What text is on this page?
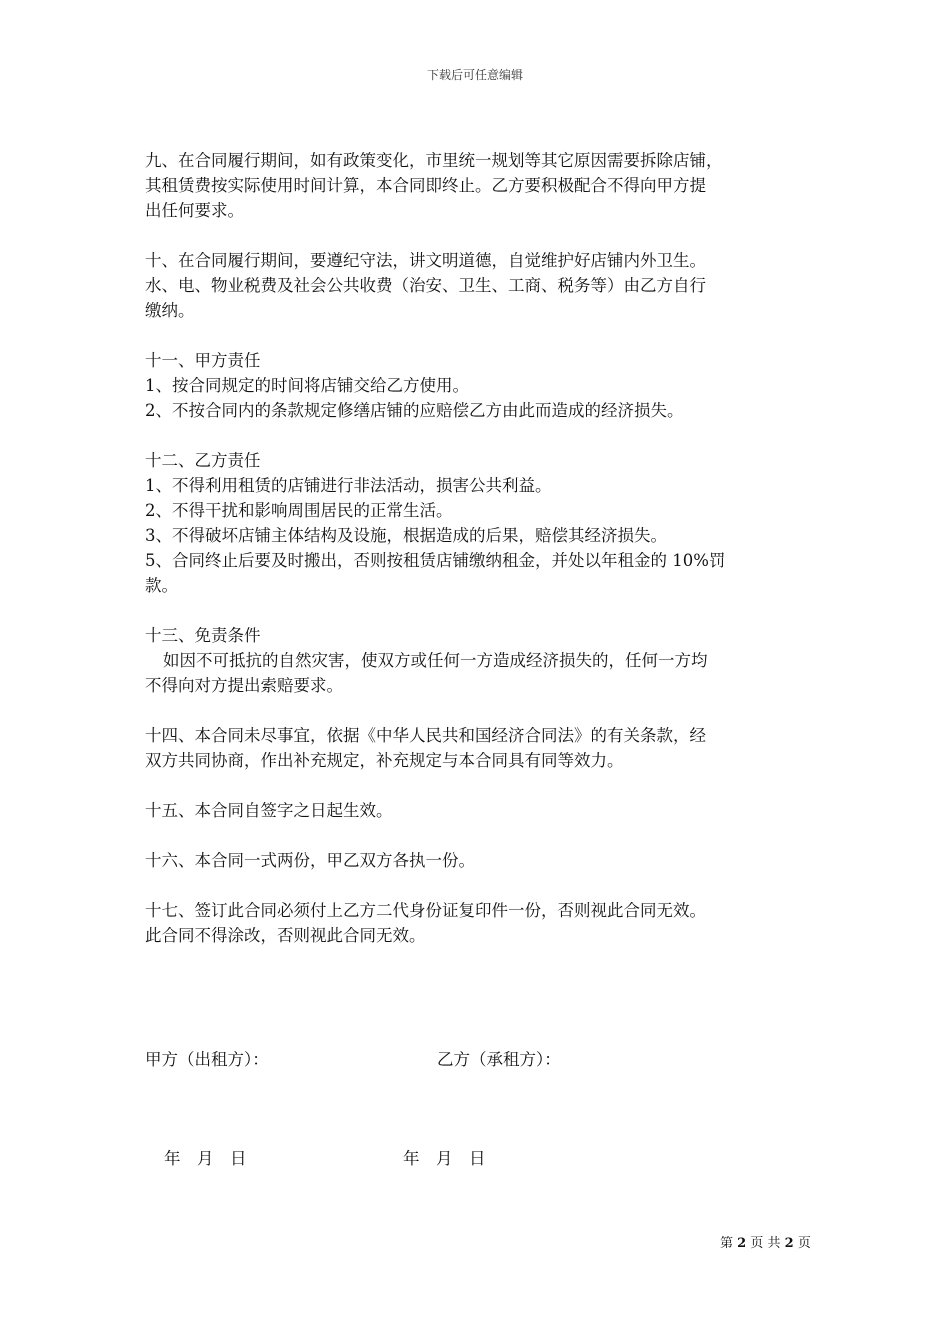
下载后可任意编辑
九、在合同履行期间，如有政策变化，市里统一规划等其它原因需要拆除店铺，
其租赁费按实际使用时间计算，本合同即终止。乙方要积极配合不得向甲方提
出任何要求。
十、在合同履行期间，要遵纪守法，讲文明道德，自觉维护好店铺内外卫生。
水、电、物业税费及社会公共收费（治安、卫生、工商、税务等）由乙方自行
缴纳。
十一、甲方责任
1、按合同规定的时间将店铺交给乙方使用。
2、不按合同内的条款规定修缮店铺的应赔偿乙方由此而造成的经济损失。
十二、乙方责任
1、不得利用租赁的店铺进行非法活动，损害公共利益。
2、不得干扰和影响周围居民的正常生活。
3、不得破坏店铺主体结构及设施，根据造成的后果，赔偿其经济损失。
5、合同终止后要及时搬出，否则按租赁店铺缴纳租金，并处以年租金的 10%罚
款。
十三、免责条件
如因不可抵抗的自然灾害，使双方或任何一方造成经济损失的，任何一方均
不得向对方提出索赔要求。
十四、本合同未尽事宜，依据《中华人民共和国经济合同法》的有关条款，经
双方共同协商，作出补充规定，补充规定与本合同具有同等效力。
十五、本合同自签字之日起生效。
十六、本合同一式两份，甲乙双方各执一份。
十七、签订此合同必须付上乙方二代身份证复印件一份，否则视此合同无效。
此合同不得涂改，否则视此合同无效。
甲方（出租方）：	乙方（承租方）：
年　月　日	年　月　日
第 2 页 共 2 页
